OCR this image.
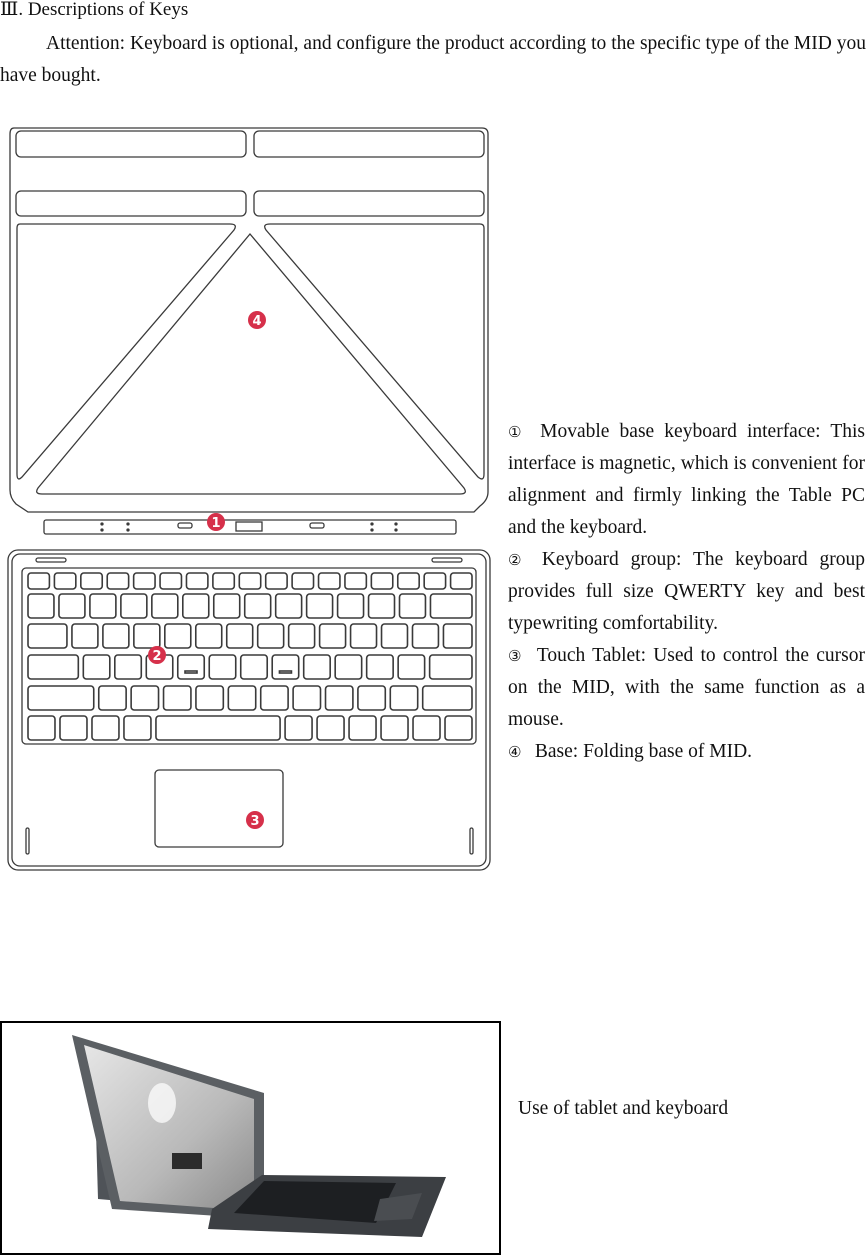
Ⅲ. Descriptions of Keys
Attention: Keyboard is optional, and configure the product according to the specific type of the MID you have bought.
4
1
2
3

① Movable base keyboard interface: This interface is magnetic, which is convenient for alignment and firmly linking the Table PC and the keyboard.

② Keyboard group: The keyboard group provides full size QWERTY key and best typewriting comfortability.

③ Touch Tablet: Used to control the cursor on the MID, with the same function as a mouse.

④ Base: Folding base of MID.

Use of tablet and keyboard
